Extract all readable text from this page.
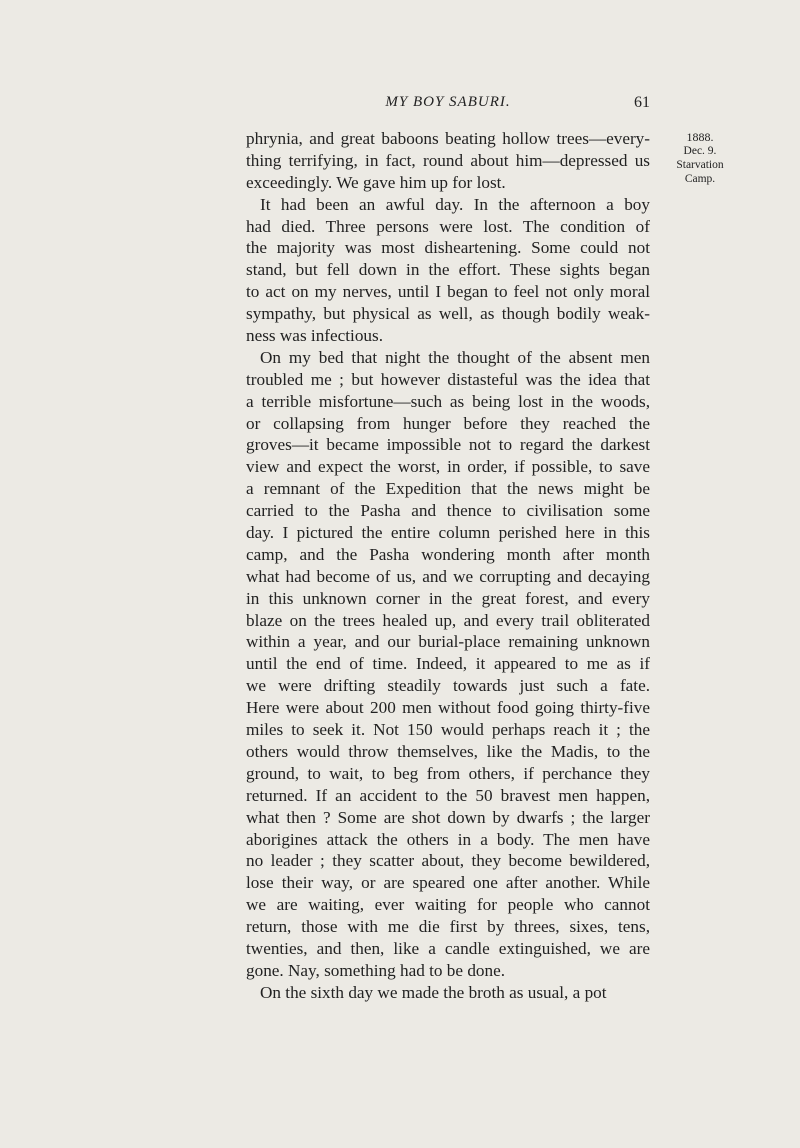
MY BOY SABURI.	61
1888.
Dec. 9.
Starvation
Camp.
phrynia, and great baboons beating hollow trees—every-
thing terrifying, in fact, round about him—depressed us
exceedingly. We gave him up for lost.
It had been an awful day. In the afternoon a boy
had died. Three persons were lost. The condition of
the majority was most disheartening. Some could not
stand, but fell down in the effort. These sights began
to act on my nerves, until I began to feel not only moral
sympathy, but physical as well, as though bodily weak-
ness was infectious.
On my bed that night the thought of the absent men
troubled me ; but however distasteful was the idea that
a terrible misfortune—such as being lost in the woods,
or collapsing from hunger before they reached the
groves—it became impossible not to regard the darkest
view and expect the worst, in order, if possible, to save
a remnant of the Expedition that the news might be
carried to the Pasha and thence to civilisation some
day. I pictured the entire column perished here in this
camp, and the Pasha wondering month after month
what had become of us, and we corrupting and decaying
in this unknown corner in the great forest, and every
blaze on the trees healed up, and every trail obliterated
within a year, and our burial-place remaining unknown
until the end of time. Indeed, it appeared to me as if
we were drifting steadily towards just such a fate.
Here were about 200 men without food going thirty-five
miles to seek it. Not 150 would perhaps reach it ; the
others would throw themselves, like the Madis, to the
ground, to wait, to beg from others, if perchance they
returned. If an accident to the 50 bravest men happen,
what then ? Some are shot down by dwarfs ; the larger
aborigines attack the others in a body. The men have
no leader ; they scatter about, they become bewildered,
lose their way, or are speared one after another. While
we are waiting, ever waiting for people who cannot
return, those with me die first by threes, sixes, tens,
twenties, and then, like a candle extinguished, we are
gone. Nay, something had to be done.
On the sixth day we made the broth as usual, a pot
